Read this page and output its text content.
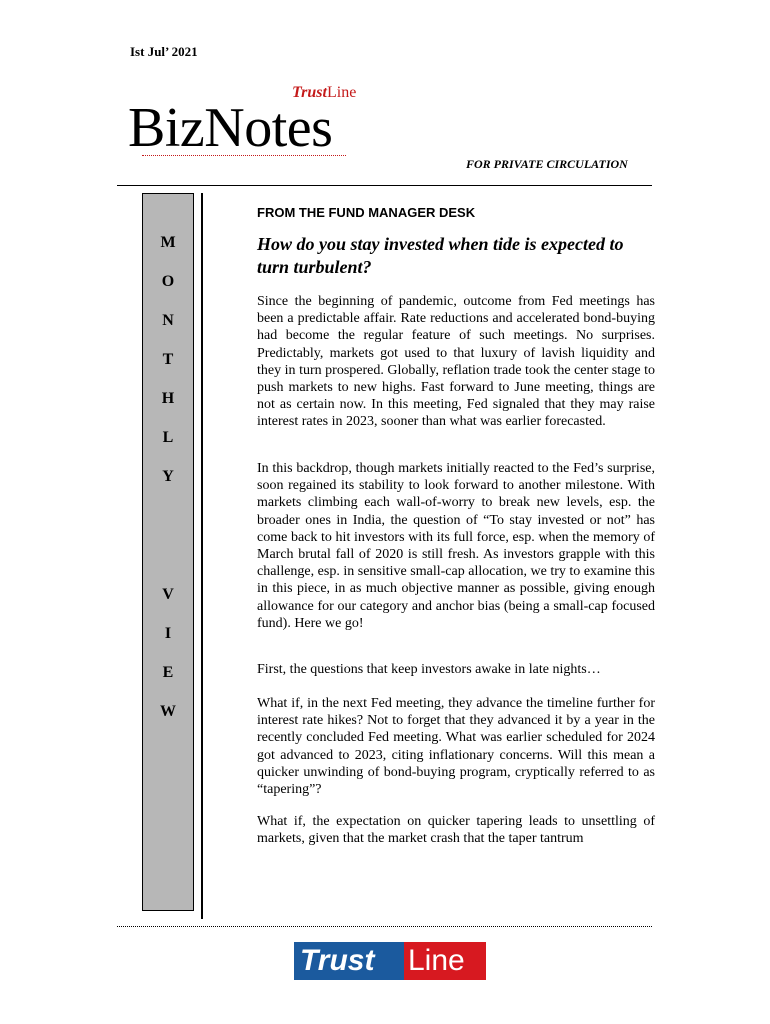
Ist Jul’ 2021
TrustLine
BizNotes
FOR PRIVATE CIRCULATION
M
O
N
T
H
L
Y
V
I
E
W
FROM THE FUND MANAGER DESK
How do you stay invested when tide is expected to turn turbulent?

Since the beginning of pandemic, outcome from Fed meetings has been a predictable affair. Rate reductions and accelerated bond-buying had become the regular feature of such meetings. No surprises. Predictably, markets got used to that luxury of lavish liquidity and they in turn prospered. Globally, reflation trade took the center stage to push markets to new highs. Fast forward to June meeting, things are not as certain now. In this meeting, Fed signaled that they may raise interest rates in 2023, sooner than what was earlier forecasted.

In this backdrop, though markets initially reacted to the Fed’s surprise, soon regained its stability to look forward to another milestone. With markets climbing each wall-of-worry to break new levels, esp. the broader ones in India, the question of “To stay invested or not” has come back to hit investors with its full force, esp. when the memory of March brutal fall of 2020 is still fresh. As investors grapple with this challenge, esp. in sensitive small-cap allocation, we try to examine this in this piece, in as much objective manner as possible, giving enough allowance for our category and anchor bias (being a small-cap focused fund). Here we go!

First, the questions that keep investors awake in late nights…

What if, in the next Fed meeting, they advance the timeline further for interest rate hikes? Not to forget that they advanced it by a year in the recently concluded Fed meeting. What was earlier scheduled for 2024 got advanced to 2023, citing inflationary concerns. Will this mean a quicker unwinding of bond-buying program, cryptically referred to as “tapering”?

What if, the expectation on quicker tapering leads to unsettling of markets, given that the market crash that the taper tantrum

Trust	Line
